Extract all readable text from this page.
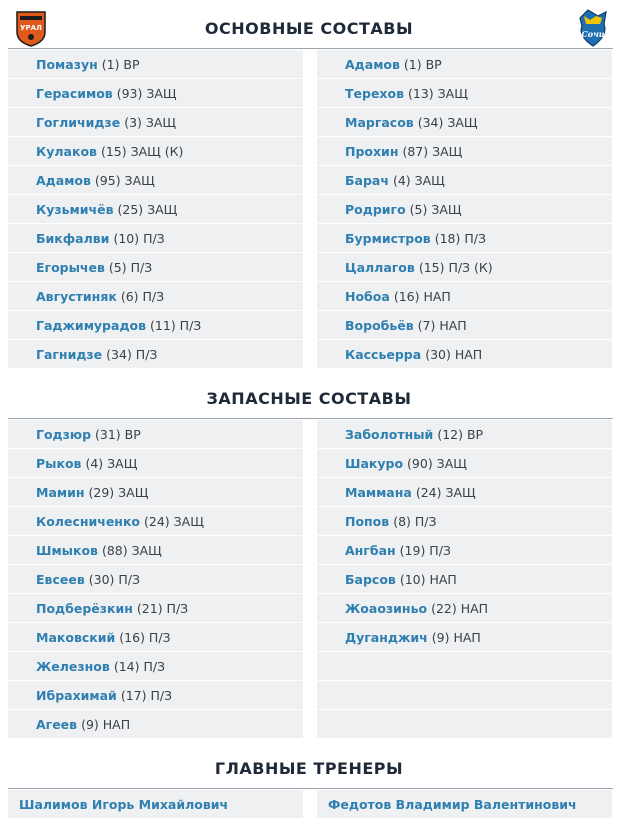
УРАЛ
Сочи
ОСНОВНЫЕ СОСТАВЫ
Помазун (1) ВР
Герасимов (93) ЗАЩ
Гогличидзе (3) ЗАЩ
Кулаков (15) ЗАЩ (К)
Адамов (95) ЗАЩ
Кузьмичёв (25) ЗАЩ
Бикфалви (10) П/З
Егорычев (5) П/З
Августиняк (6) П/З
Гаджимурадов (11) П/З
Гагнидзе (34) П/З
Адамов (1) ВР
Терехов (13) ЗАЩ
Маргасов (34) ЗАЩ
Прохин (87) ЗАЩ
Барач (4) ЗАЩ
Родриго (5) ЗАЩ
Бурмистров (18) П/З
Цаллагов (15) П/З (К)
Нобоа (16) НАП
Воробьёв (7) НАП
Кассьерра (30) НАП
ЗАПАСНЫЕ СОСТАВЫ
Годзюр (31) ВР
Рыков (4) ЗАЩ
Мамин (29) ЗАЩ
Колесниченко (24) ЗАЩ
Шмыков (88) ЗАЩ
Евсеев (30) П/З
Подберёзкин (21) П/З
Маковский (16) П/З
Железнов (14) П/З
Ибрахимай (17) П/З
Агеев (9) НАП
Заболотный (12) ВР
Шакуро (90) ЗАЩ
Маммана (24) ЗАЩ
Попов (8) П/З
Ангбан (19) П/З
Барсов (10) НАП
Жоаозиньо (22) НАП
Дуганджич (9) НАП
ГЛАВНЫЕ ТРЕНЕРЫ
Шалимов Игорь Михайлович	Федотов Владимир Валентинович
